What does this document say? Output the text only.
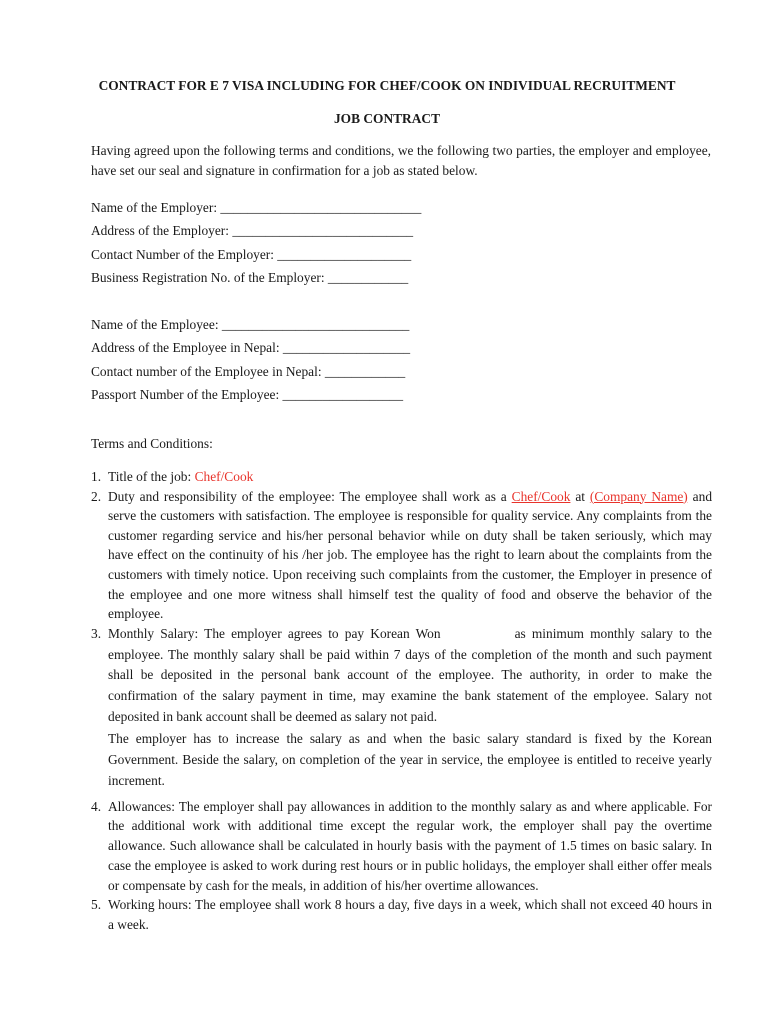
CONTRACT FOR E 7 VISA INCLUDING FOR CHEF/COOK ON INDIVIDUAL RECRUITMENT
JOB CONTRACT
Having agreed upon the following terms and conditions, we the following two parties, the employer and employee, have set our seal and signature in confirmation for a job as stated below.
Name of the Employer: ______________________________
Address of the Employer: ___________________________
Contact Number of the Employer: ____________________
Business Registration No. of the Employer: ____________
Name of the Employee: ____________________________
Address of the Employee in Nepal: ___________________
Contact number of the Employee in Nepal: ____________
Passport Number of the Employee: __________________
Terms and Conditions:
1. Title of the job: Chef/Cook

2. Duty and responsibility of the employee: The employee shall work as a Chef/Cook at (Company Name) and serve the customers with satisfaction. The employee is responsible for quality service. Any complaints from the customer regarding service and his/her personal behavior while on duty shall be taken seriously, which may have effect on the continuity of his /her job. The employee has the right to learn about the complaints from the customers with timely notice. Upon receiving such complaints from the customer, the Employer in presence of the employee and one more witness shall himself test the quality of food and observe the behavior of the employee.

3. Monthly Salary: The employer agrees to pay Korean Won	as minimum monthly salary to the employee. The monthly salary shall be paid within 7 days of the completion of the month and such payment shall be deposited in the personal bank account of the employee. The authority, in order to make the confirmation of the salary payment in time, may examine the bank statement of the employee. Salary not deposited in bank account shall be deemed as salary not paid.

The employer has to increase the salary as and when the basic salary standard is fixed by the Korean Government. Beside the salary, on completion of the year in service, the employee is entitled to receive yearly increment.

4. Allowances: The employer shall pay allowances in addition to the monthly salary as and where applicable. For the additional work with additional time except the regular work, the employer shall pay the overtime allowance. Such allowance shall be calculated in hourly basis with the payment of 1.5 times on basic salary. In case the employee is asked to work during rest hours or in public holidays, the employer shall either offer meals or compensate by cash for the meals, in addition of his/her overtime allowances.

5. Working hours: The employee shall work 8 hours a day, five days in a week, which shall not exceed 40 hours in a week.
